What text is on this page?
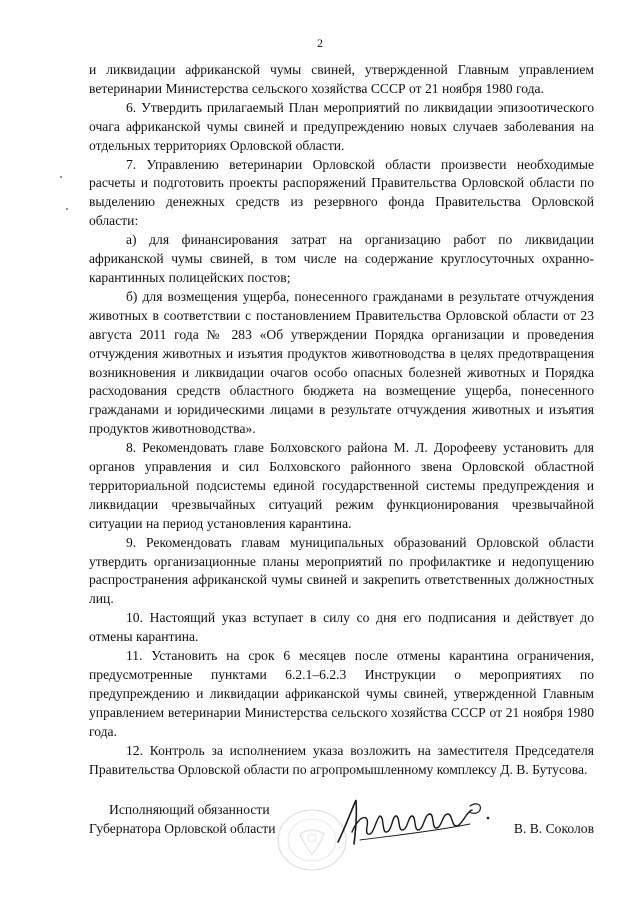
2

и ликвидации африканской чумы свиней, утвержденной Главным управлением ветеринарии Министерства сельского хозяйства СССР от 21 ноября 1980 года.

6. Утвердить прилагаемый План мероприятий по ликвидации эпизоотического очага африканской чумы свиней и предупреждению новых случаев заболевания на отдельных территориях Орловской области.

7. Управлению ветеринарии Орловской области произвести необходимые расчеты и подготовить проекты распоряжений Правительства Орловской области по выделению денежных средств из резервного фонда Правительства Орловской области:

а) для финансирования затрат на организацию работ по ликвидации африканской чумы свиней, в том числе на содержание круглосуточных охранно-карантинных полицейских постов;

б) для возмещения ущерба, понесенного гражданами в результате отчуждения животных в соответствии с постановлением Правительства Орловской области от 23 августа 2011 года № 283 «Об утверждении Порядка организации и проведения отчуждения животных и изъятия продуктов животноводства в целях предотвращения возникновения и ликвидации очагов особо опасных болезней животных и Порядка расходования средств областного бюджета на возмещение ущерба, понесенного гражданами и юридическими лицами в результате отчуждения животных и изъятия продуктов животноводства».

8. Рекомендовать главе Болховского района М. Л. Дорофееву установить для органов управления и сил Болховского районного звена Орловской областной территориальной подсистемы единой государственной системы предупреждения и ликвидации чрезвычайных ситуаций режим функционирования чрезвычайной ситуации на период установления карантина.

9. Рекомендовать главам муниципальных образований Орловской области утвердить организационные планы мероприятий по профилактике и недопущению распространения африканской чумы свиней и закрепить ответственных должностных лиц.

10. Настоящий указ вступает в силу со дня его подписания и действует до отмены карантина.

11. Установить на срок 6 месяцев после отмены карантина ограничения, предусмотренные пунктами 6.2.1–6.2.3 Инструкции о мероприятиях по предупреждению и ликвидации африканской чумы свиней, утвержденной Главным управлением ветеринарии Министерства сельского хозяйства СССР от 21 ноября 1980 года.

12. Контроль за исполнением указа возложить на заместителя Председателя Правительства Орловской области по агропромышленному комплексу Д. В. Бутусова.

Исполняющий обязанности
Губернатора Орловской области	В. В. Соколов
